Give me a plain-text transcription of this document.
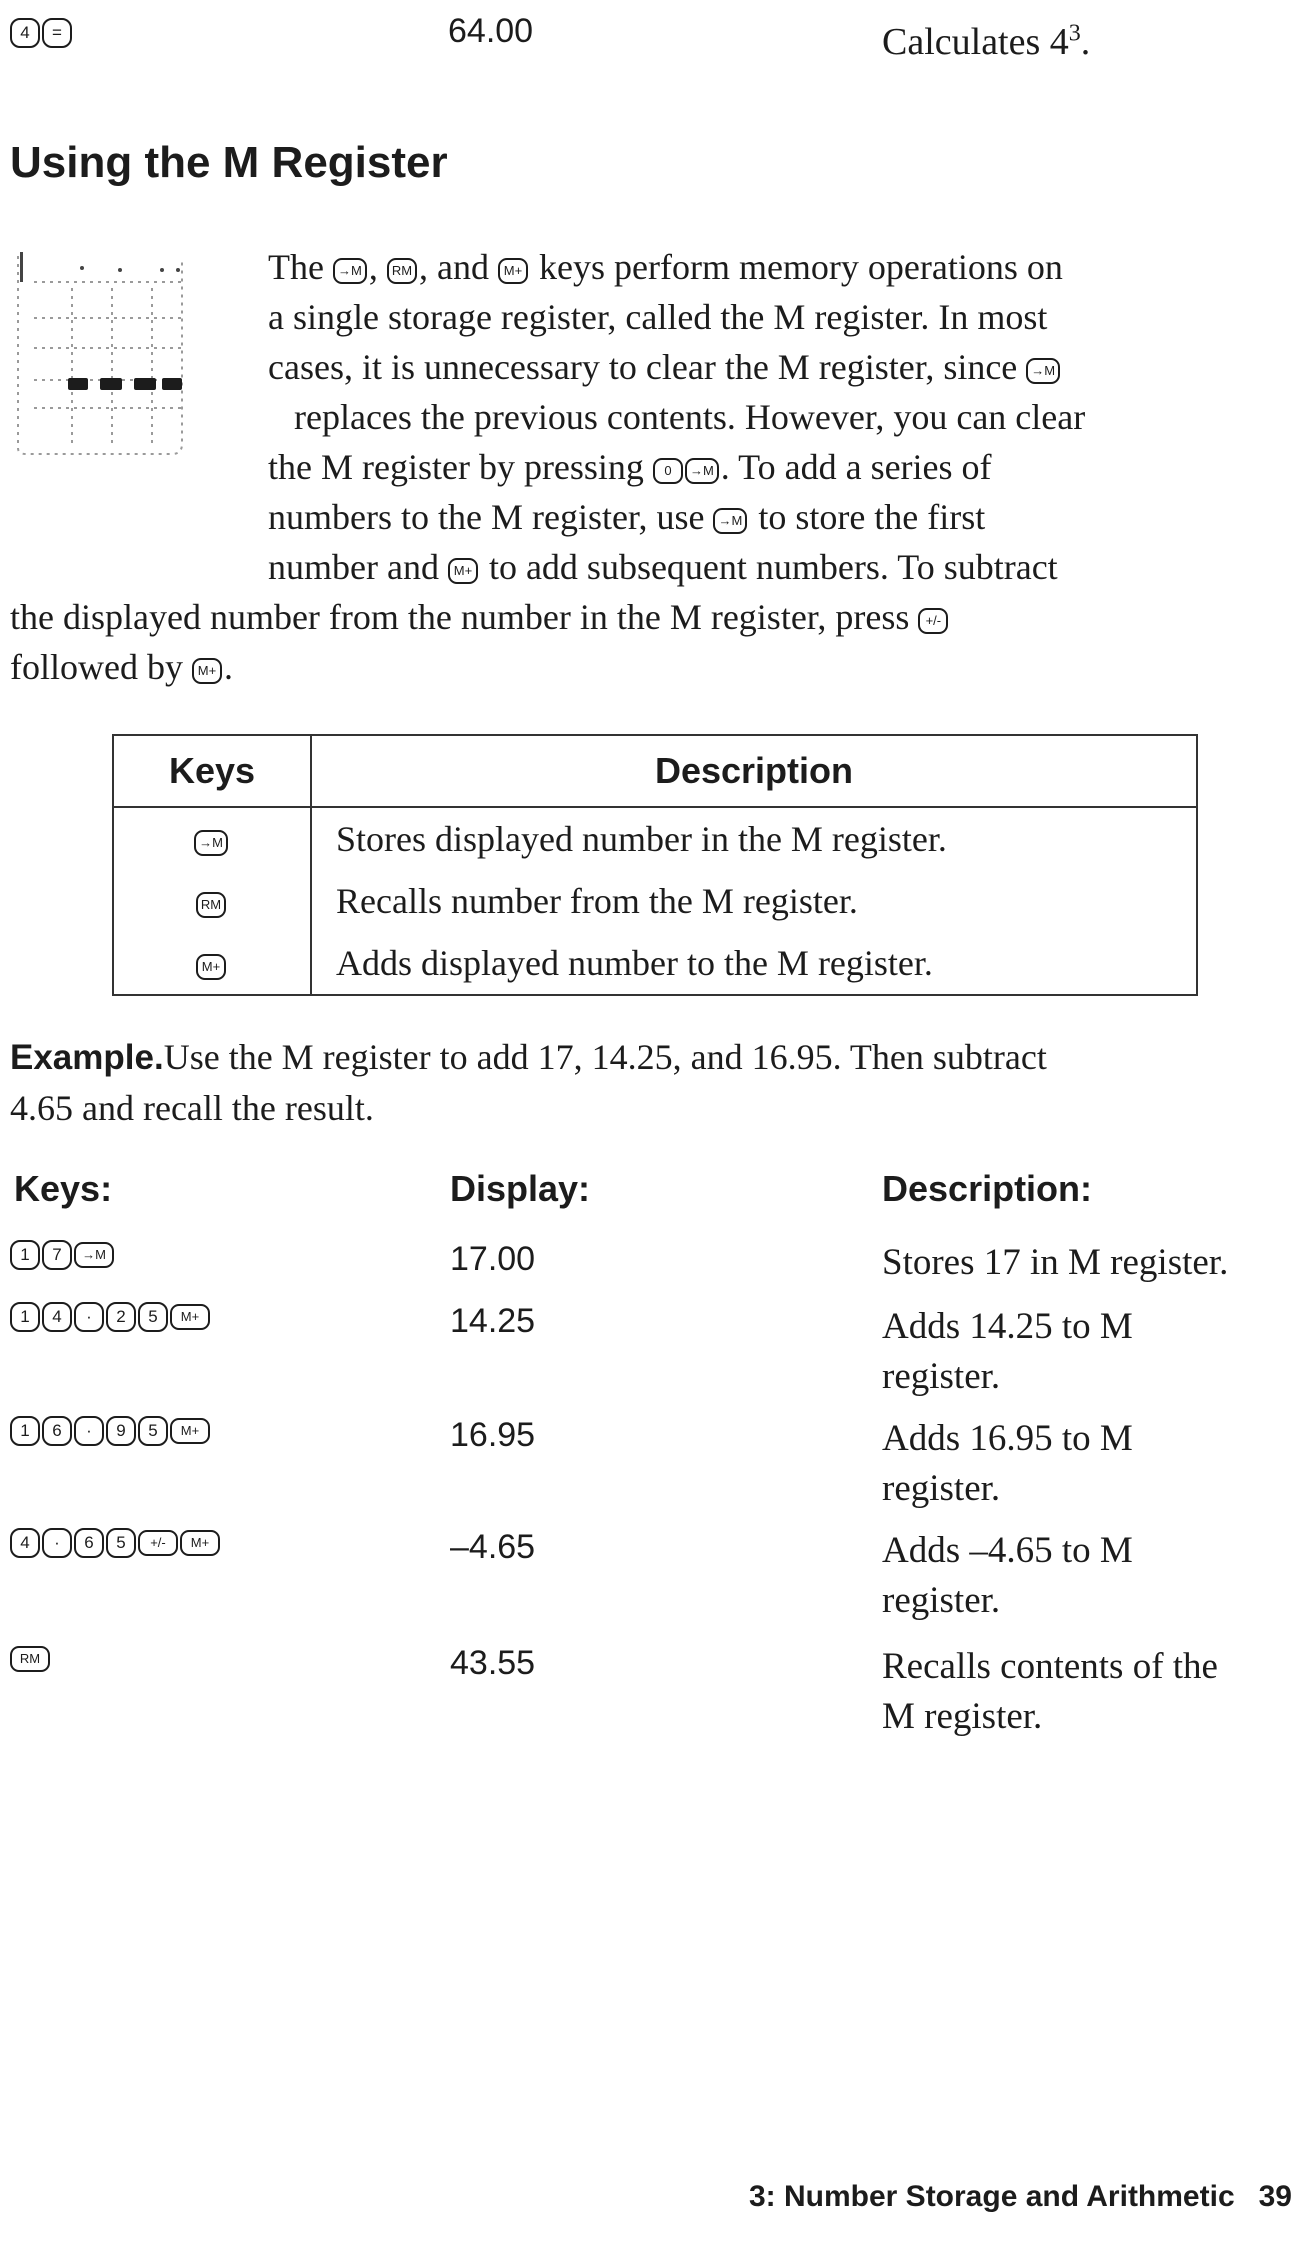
4 =	64.00	Calculates $4^3$.
Using the M Register
The →M , RM , and M+ keys perform memory operations on
a single storage register, called the M register. In most
cases, it is unnecessary to clear the M register, since →M
replaces the previous contents. However, you can clear
the M register by pressing 0 →M . To add a series of
numbers to the M register, use →M to store the first
number and M+ to add subsequent numbers. To subtract
the displayed number from the number in the M register, press +/-
followed by M+ .
Keys	Description
→M	Stores displayed number in the M register.
RM	Recalls number from the M register.
M+	Adds displayed number to the M register.
Example.Use the M register to add 17, 14.25, and 16.95. Then subtract
4.65 and recall the result.
Keys:	Display:	Description:
1 7 →M	17.00	Stores 17 in M register.
1 4 · 2 5 M+	14.25	Adds 14.25 to M
register.
1 6 · 9 5 M+	16.95	Adds 16.95 to M
register.
4 · 6 5 +/- M+	–4.65	Adds –4.65 to M
register.
RM	43.55	Recalls contents of the
M register.
3: Number Storage and Arithmetic 39
